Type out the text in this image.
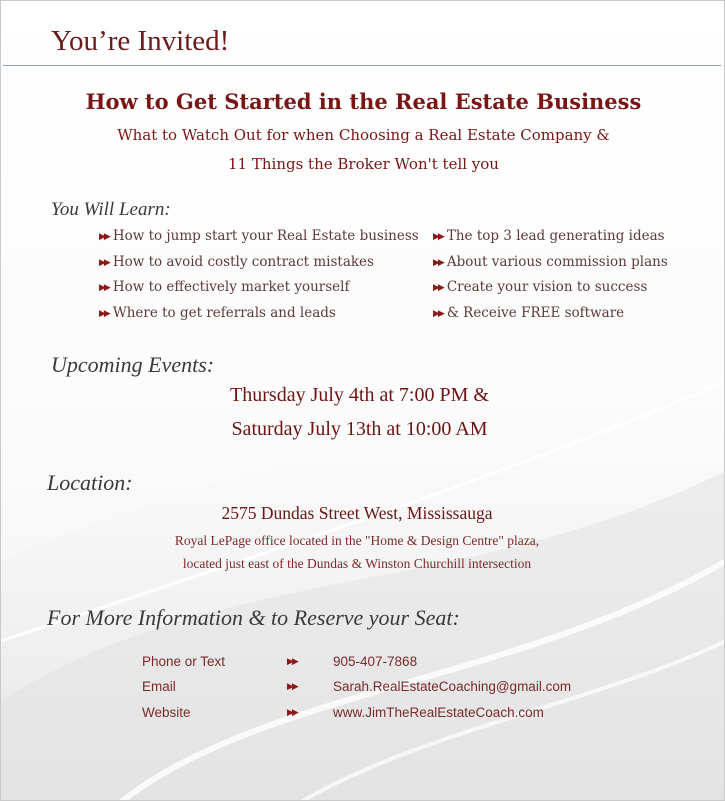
You’re Invited!
How to Get Started in the Real Estate Business
What to Watch Out for when Choosing a Real Estate Company &
11 Things the Broker Won't tell you
You Will Learn:
▶▶ How to jump start your Real Estate business
▶▶ How to avoid costly contract mistakes
▶▶ How to effectively market yourself
▶▶ Where to get referrals and leads
▶▶ The top 3 lead generating ideas
▶▶ About various commission plans
▶▶ Create your vision to success
▶▶ & Receive FREE software
Upcoming Events:
Thursday July 4th at 7:00 PM &
Saturday July 13th at 10:00 AM
Location:
2575 Dundas Street West, Mississauga
Royal LePage office located in the "Home & Design Centre" plaza,
located just east of the Dundas & Winston Churchill intersection
For More Information & to Reserve your Seat:
Phone or Text	▶▶	905-407-7868
Email	▶▶	Sarah.RealEstateCoaching@gmail.com
Website	▶▶	www.JimTheRealEstateCoach.com
